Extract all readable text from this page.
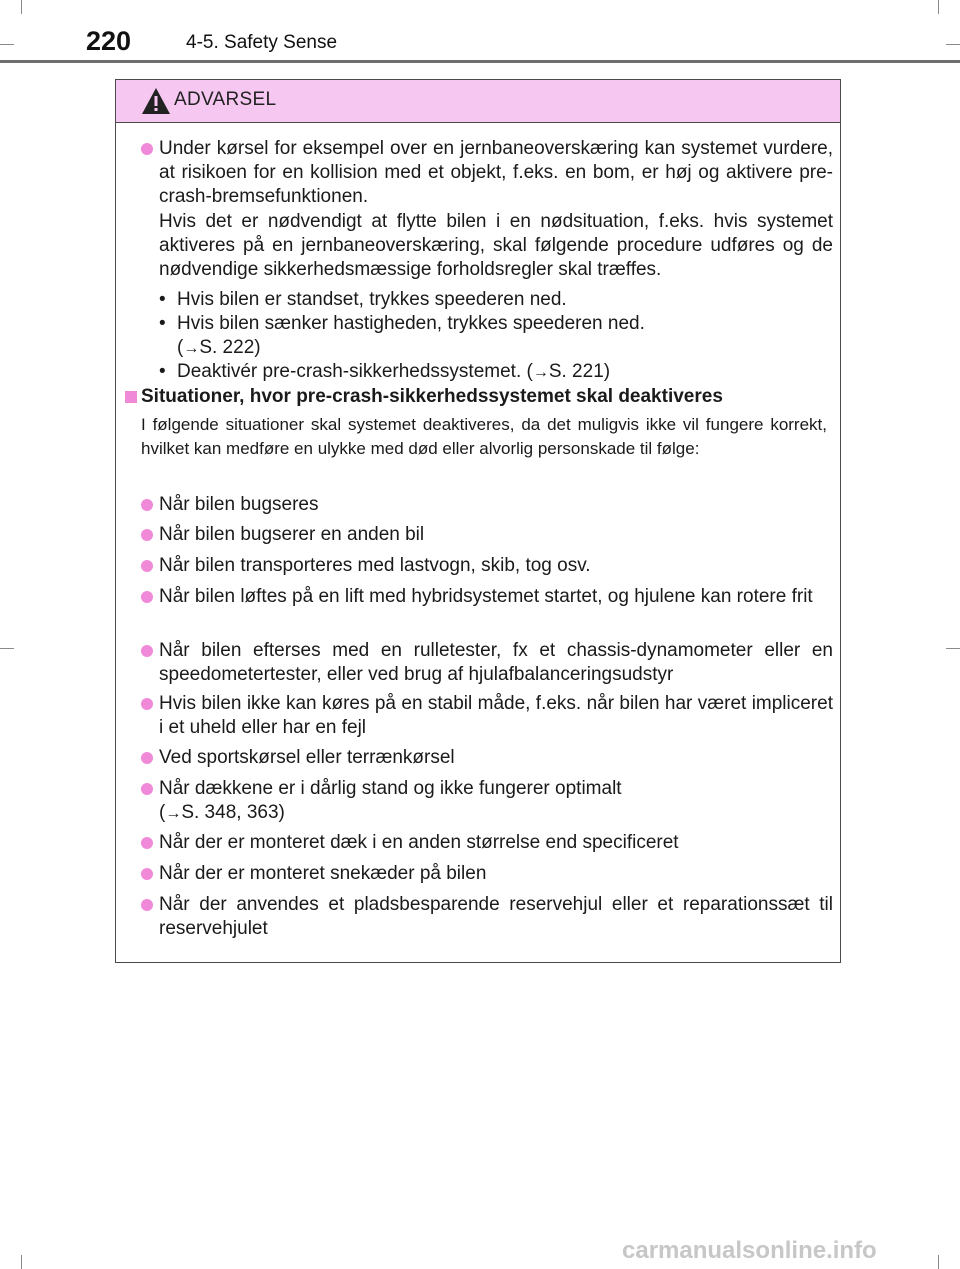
220	4-5. Safety Sense
ADVARSEL

Under kørsel for eksempel over en jernbaneoverskæring kan systemet vurdere, at risikoen for en kollision med et objekt, f.eks. en bom, er høj og aktivere pre-crash-bremsefunktionen.

Hvis det er nødvendigt at flytte bilen i en nødsituation, f.eks. hvis systemet aktiveres på en jernbaneoverskæring, skal følgende procedure udføres og de nødvendige sikkerhedsmæssige forholdsregler skal træffes.

• Hvis bilen er standset, trykkes speederen ned.
• Hvis bilen sænker hastigheden, trykkes speederen ned.
(→S. 222)
• Deaktivér pre-crash-sikkerhedssystemet. (→S. 221)
Situationer, hvor pre-crash-sikkerhedssystemet skal deaktiveres
I følgende situationer skal systemet deaktiveres, da det muligvis ikke vil fungere korrekt, hvilket kan medføre en ulykke med død eller alvorlig personskade til følge:
Når bilen bugseres
Når bilen bugserer en anden bil
Når bilen transporteres med lastvogn, skib, tog osv.
Når bilen løftes på en lift med hybridsystemet startet, og hjulene kan rotere frit
Når bilen efterses med en rulletester, fx et chassis-dynamometer eller en speedometertester, eller ved brug af hjulafbalanceringsudstyr
Hvis bilen ikke kan køres på en stabil måde, f.eks. når bilen har været impliceret i et uheld eller har en fejl
Ved sportskørsel eller terrænkørsel

Når dækkene er i dårlig stand og ikke fungerer optimalt

(→S. 348, 363)

Når der er monteret dæk i en anden størrelse end specificeret
Når der er monteret snekæder på bilen
Når der anvendes et pladsbesparende reservehjul eller et reparationssæt til reservehjulet
carmanualsonline.info
